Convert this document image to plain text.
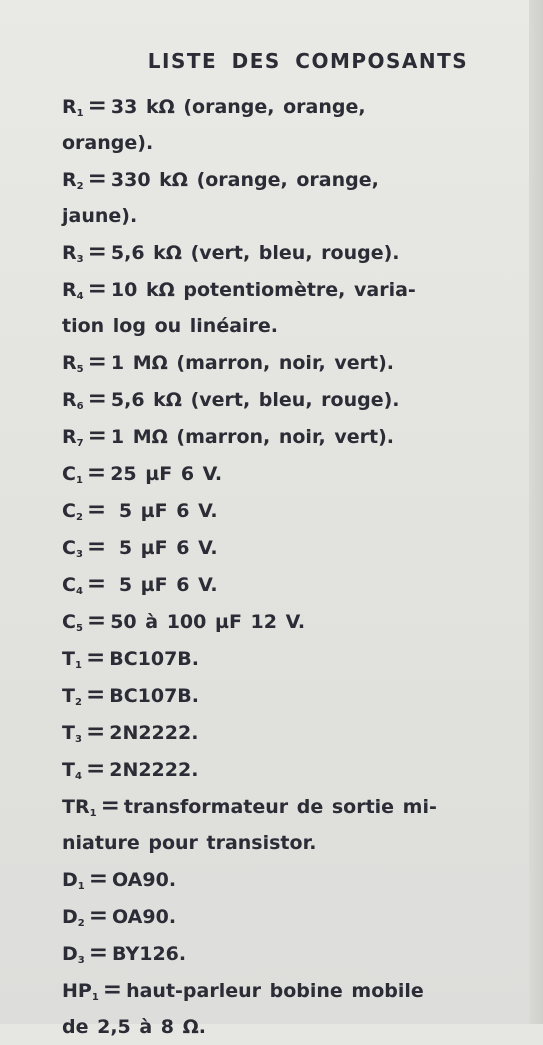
LISTE DES COMPOSANTS
$R_1 = 33$ kΩ (orange, orange,
orange).
$R_2 = 330$ kΩ (orange, orange,
jaune).
$R_3 = 5,6$ kΩ (vert, bleu, rouge).
$R_4 = 10$ kΩ potentiomètre, varia-
tion log ou linéaire.
$R_5 = 1$ MΩ (marron, noir, vert).
$R_6 = 5,6$ kΩ (vert, bleu, rouge).
$R_7 = 1$ MΩ (marron, noir, vert).
$C_1 = 25$ µF 6 V.
$C_2 = 5$ µF 6 V.
$C_3 = 5$ µF 6 V.
$C_4 = 5$ µF 6 V.
$C_5 = 50$ à 100 µF 12 V.
$T_1 = BC107B$.
$T_2 = BC107B$.
$T_3 = 2N2222$.
$T_4 = 2N2222$.
$TR_1$ = transformateur de sortie mi-
niature pour transistor.
$D_1 = OA90$.
$D_2 = OA90$.
$D_3 = BY126$.
$HP_1$ = haut-parleur bobine mobile
de 2,5 à 8 Ω.
